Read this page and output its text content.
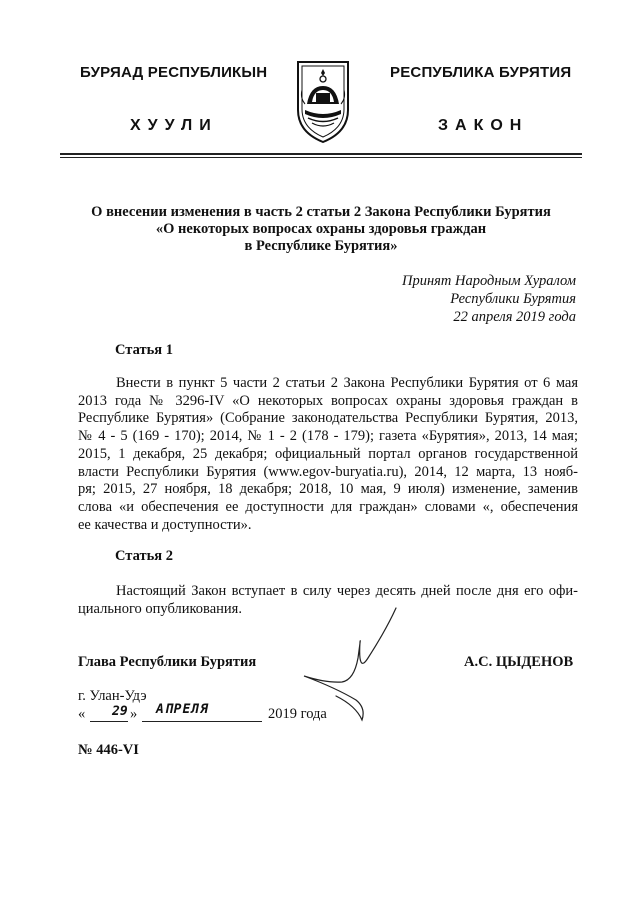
БУРЯАД РЕСПУБЛИКЫН	РЕСПУБЛИКА БУРЯТИЯ
ХУУЛИ	ЗАКОН
О внесении изменения в часть 2 статьи 2 Закона Республики Бурятия
«О некоторых вопросах охраны здоровья граждан
в Республике Бурятия»
Принят Народным Хуралом
Республики Бурятия
22 апреля 2019 года
Статья 1
Внести в пункт 5 части 2 статьи 2 Закона Республики Бурятия от 6 мая
2013 года № 3296-IV «О некоторых вопросах охраны здоровья граждан в
Республике Бурятия» (Собрание законодательства Республики Бурятия, 2013,
№ 4 - 5 (169 - 170); 2014, № 1 - 2 (178 - 179); газета «Бурятия», 2013, 14 мая;
2015, 1 декабря, 25 декабря; официальный портал органов государственной
власти Республики Бурятия (www.egov-buryatia.ru), 2014, 12 марта, 13 нояб-
ря; 2015, 27 ноября, 18 декабря; 2018, 10 мая, 9 июля) изменение, заменив
слова «и обеспечения ее доступности для граждан» словами «, обеспечения
ее качества и доступности».
Статья 2
Настоящий Закон вступает в силу через десять дней после дня его офи-
циального опубликования.
Глава Республики Бурятия	А.С. ЦЫДЕНОВ
г. Улан-Удэ
« 29 » АПРЕЛЯ	2019 года
№ 446-VI
